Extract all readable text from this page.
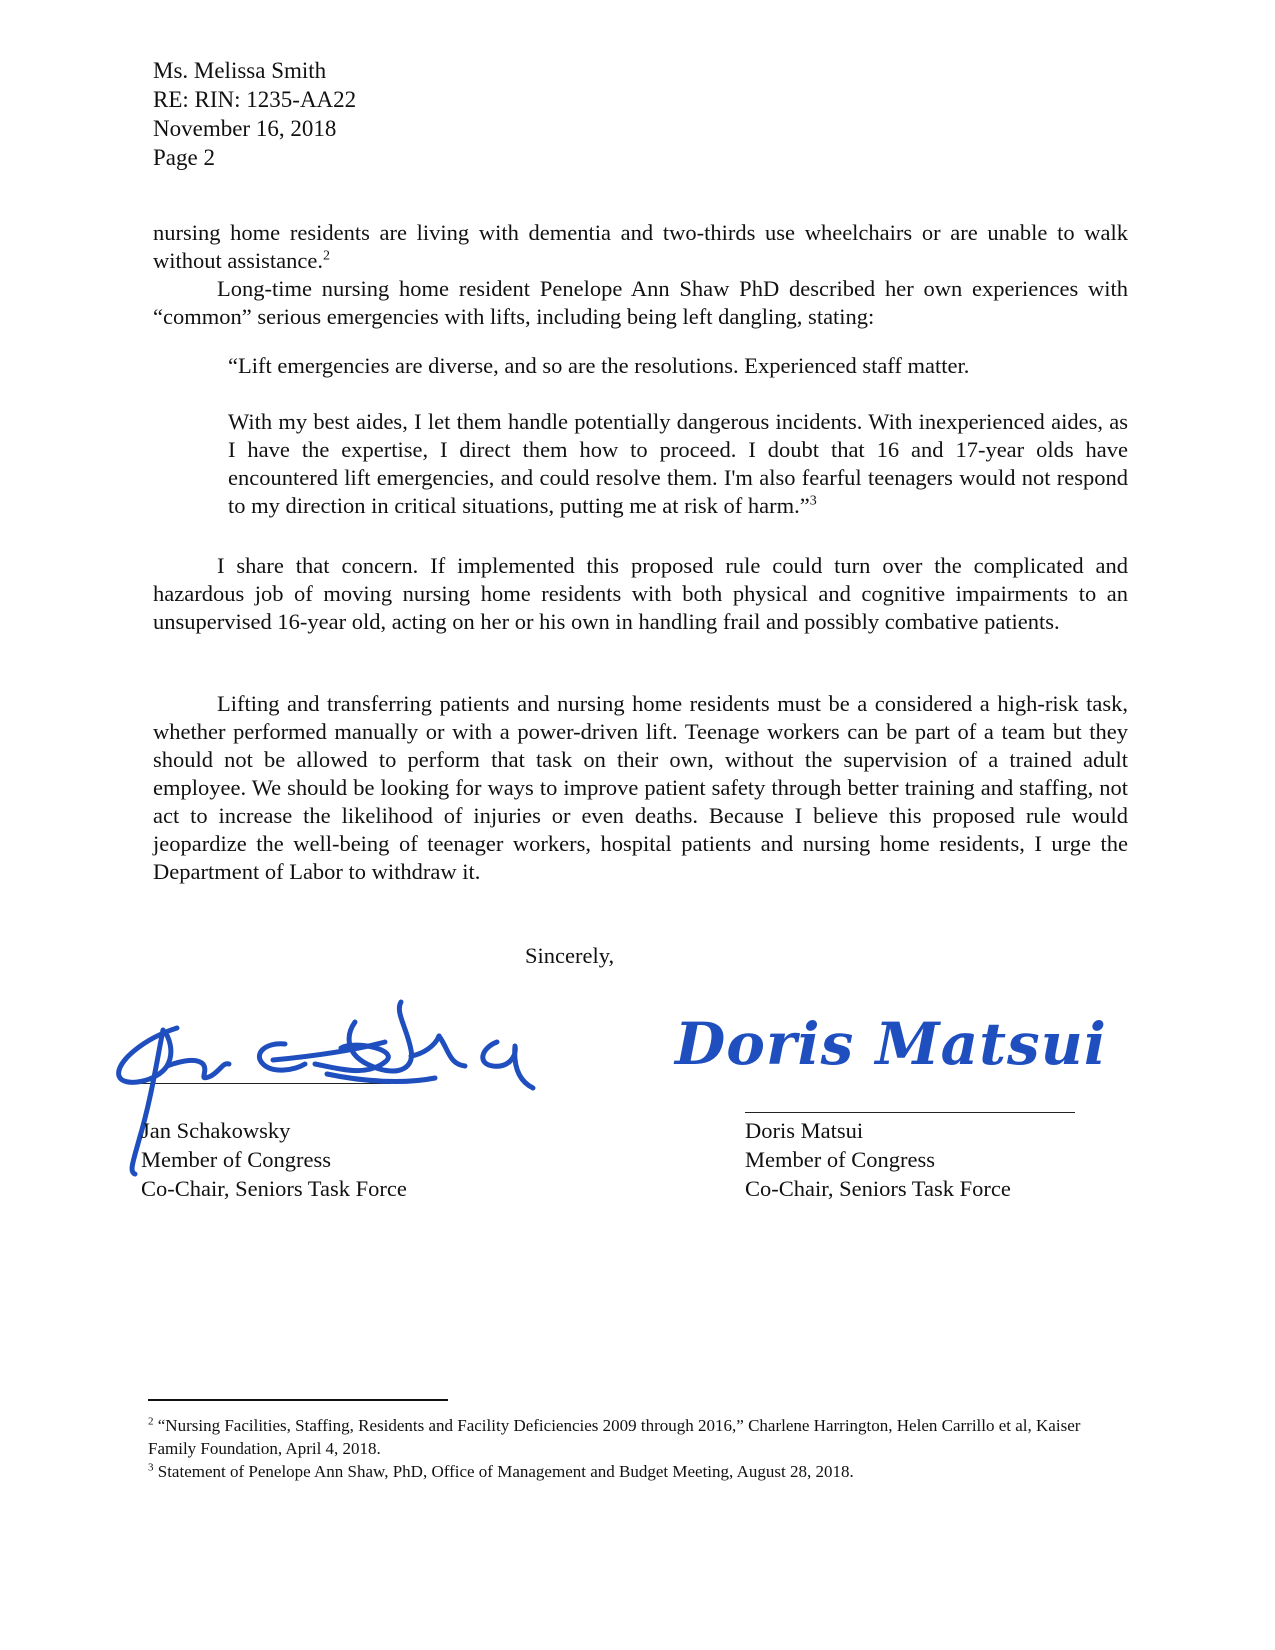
Ms. Melissa Smith
RE: RIN: 1235-AA22
November 16, 2018
Page 2

nursing home residents are living with dementia and two-thirds use wheelchairs or are unable to walk without assistance.$^2$

Long-time nursing home resident Penelope Ann Shaw PhD described her own experiences with “common” serious emergencies with lifts, including being left dangling, stating:

“Lift emergencies are diverse, and so are the resolutions. Experienced staff matter.

With my best aides, I let them handle potentially dangerous incidents. With inexperienced aides, as I have the expertise, I direct them how to proceed. I doubt that 16 and 17-year olds have encountered lift emergencies, and could resolve them. I'm also fearful teenagers would not respond to my direction in critical situations, putting me at risk of harm.”$^3$

I share that concern. If implemented this proposed rule could turn over the complicated and hazardous job of moving nursing home residents with both physical and cognitive impairments to an unsupervised 16-year old, acting on her or his own in handling frail and possibly combative patients.

Lifting and transferring patients and nursing home residents must be a considered a high-risk task, whether performed manually or with a power-driven lift. Teenage workers can be part of a team but they should not be allowed to perform that task on their own, without the supervision of a trained adult employee. We should be looking for ways to improve patient safety through better training and staffing, not act to increase the likelihood of injuries or even deaths. Because I believe this proposed rule would jeopardize the well-being of teenager workers, hospital patients and nursing home residents, I urge the Department of Labor to withdraw it.

Sincerely,
Jan Schakowsky
Member of Congress
Co-Chair, Seniors Task Force
Doris Matsui
Doris Matsui
Member of Congress
Co-Chair, Seniors Task Force

$^2$ “Nursing Facilities, Staffing, Residents and Facility Deficiencies 2009 through 2016,” Charlene Harrington, Helen Carrillo et al, Kaiser Family Foundation, April 4, 2018.

$^3$ Statement of Penelope Ann Shaw, PhD, Office of Management and Budget Meeting, August 28, 2018.
